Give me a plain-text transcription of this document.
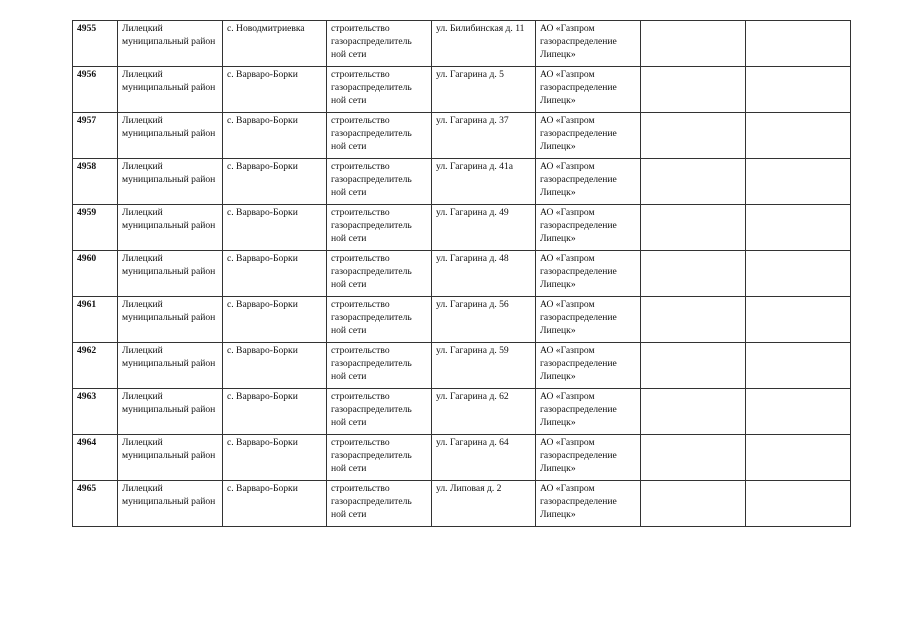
4955	Лилецкий муниципальный район	с. Новодмитриевка	строительство газораспределитель ной сети	ул. Билибинская д. 11	АО «Газпром газораспределение Липецк»		
4956	Лилецкий муниципальный район	с. Варваро-Борки	строительство газораспределитель ной сети	ул. Гагарина д. 5	АО «Газпром газораспределение Липецк»		
4957	Лилецкий муниципальный район	с. Варваро-Борки	строительство газораспределитель ной сети	ул. Гагарина д. 37	АО «Газпром газораспределение Липецк»		
4958	Лилецкий муниципальный район	с. Варваро-Борки	строительство газораспределитель ной сети	ул. Гагарина д. 41а	АО «Газпром газораспределение Липецк»		
4959	Лилецкий муниципальный район	с. Варваро-Борки	строительство газораспределитель ной сети	ул. Гагарина д. 49	АО «Газпром газораспределение Липецк»		
4960	Лилецкий муниципальный район	с. Варваро-Борки	строительство газораспределитель ной сети	ул. Гагарина д. 48	АО «Газпром газораспределение Липецк»		
4961	Лилецкий муниципальный район	с. Варваро-Борки	строительство газораспределитель ной сети	ул. Гагарина д. 56	АО «Газпром газораспределение Липецк»		
4962	Лилецкий муниципальный район	с. Варваро-Борки	строительство газораспределитель ной сети	ул. Гагарина д. 59	АО «Газпром газораспределение Липецк»		
4963	Лилецкий муниципальный район	с. Варваро-Борки	строительство газораспределитель ной сети	ул. Гагарина д. 62	АО «Газпром газораспределение Липецк»		
4964	Лилецкий муниципальный район	с. Варваро-Борки	строительство газораспределитель ной сети	ул. Гагарина д. 64	АО «Газпром газораспределение Липецк»		
4965	Лилецкий муниципальный район	с. Варваро-Борки	строительство газораспределитель ной сети	ул. Липовая д. 2	АО «Газпром газораспределение Липецк»		
